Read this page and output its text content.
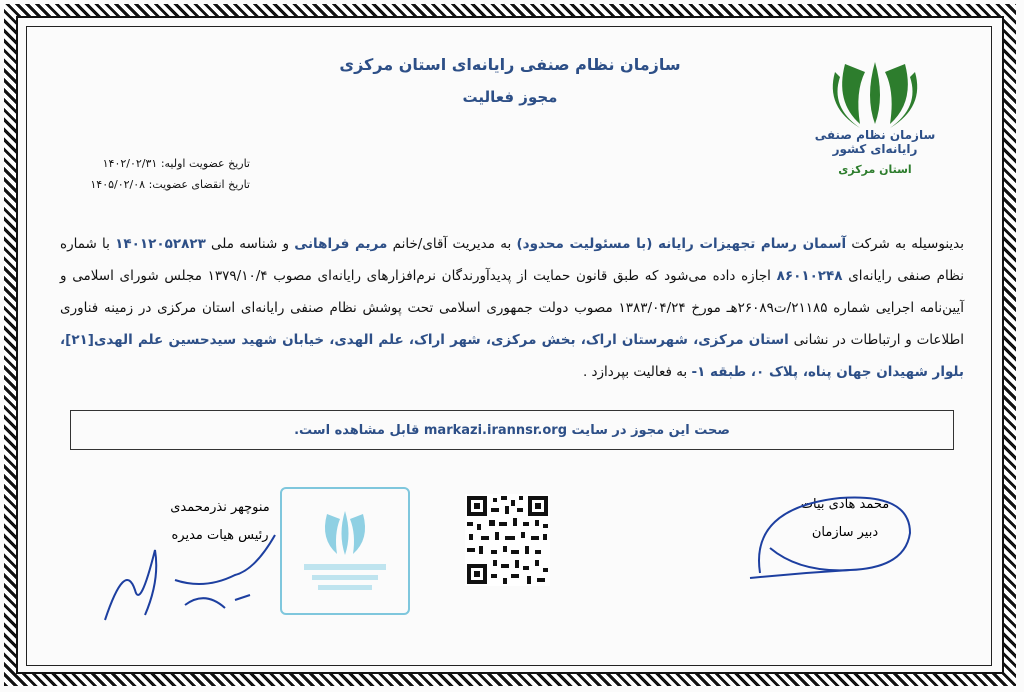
سازمان نظام صنفی رایانه‌ای استان مرکزی
مجوز فعالیت
سازمان نظام صنفی رایانه‌ای کشور
استان مرکزی
تاریخ عضویت اولیه: ۱۴۰۲/۰۲/۳۱
تاریخ انقضای عضویت: ۱۴۰۵/۰۲/۰۸
بدینوسیله به شرکت آسمان رسام تجهیزات رایانه (با مسئولیت محدود) به مدیریت آقای/خانم مریم فراهانی و شناسه ملی ۱۴۰۱۲۰۵۲۸۲۳ با شماره نظام صنفی رایانه‌ای ۸۶۰۱۰۲۴۸ اجازه داده می‌شود که طبق قانون حمایت از پدیدآورندگان نرم‌افزارهای رایانه‌ای مصوب ۱۳۷۹/۱۰/۴ مجلس شورای اسلامی و آیین‌نامه اجرایی شماره ۲۱۱۸۵/ت۲۶۰۸۹هـ مورخ ۱۳۸۳/۰۴/۲۴ مصوب دولت جمهوری اسلامی تحت پوشش نظام صنفی رایانه‌ای استان مرکزی در زمینه فناوری اطلاعات و ارتباطات در نشانی استان مرکزی، شهرستان اراک، بخش مرکزی، شهر اراک، علم الهدی، خیابان شهید سیدحسین علم الهدی[۲۱]، بلوار شهیدان جهان پناه، پلاک ۰، طبقه ۱- به فعالیت بپردازد .
صحت این مجوز در سایت

markazi.irannsr.org

قابل مشاهده است.
منوچهر نذرمحمدی
رئیس هیات مدیره
محمد هادی بیات
دبیر سازمان
